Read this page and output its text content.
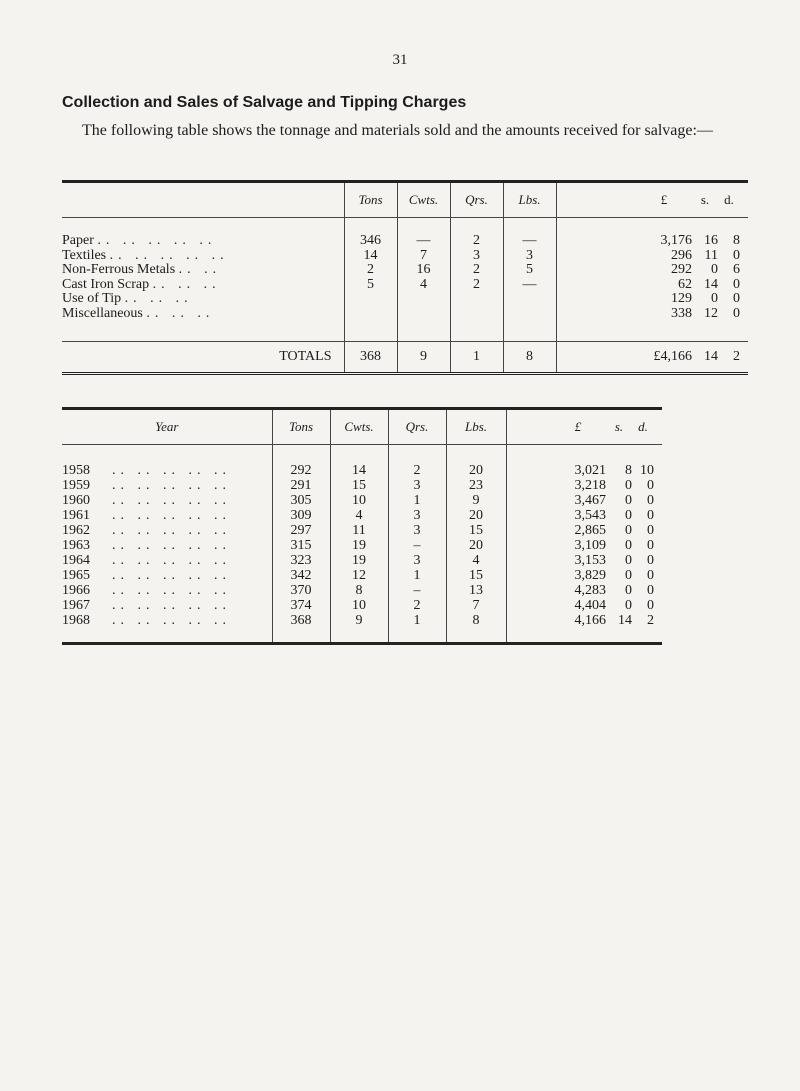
31
Collection and Sales of Salvage and Tipping Charges
The following table shows the tonnage and materials sold and the amounts received for salvage:—
	Tons	Cwts.	Qrs.	Lbs.	£ s. d.

Paper .. .. .. .. ..	346	—	2	—	3,176 16 8

Textiles .. .. .. .. ..	14	7	3	3	296 11 0

Non-Ferrous Metals .. ..	2	16	2	5	292 0 6

Cast Iron Scrap .. .. ..	5	4	2	—	62 14 0

Use of Tip .. .. ..					129 0 0

Miscellaneous .. .. ..					338 12 0

TOTALS	368	9	1	8	£4,166 14 2
Year	Tons	Cwts.	Qrs.	Lbs.	£ s. d.

1958 .. .. .. .. ..	292	14	2	20	3,021 8 10

1959 .. .. .. .. ..	291	15	3	23	3,218 0 0

1960 .. .. .. .. ..	305	10	1	9	3,467 0 0

1961 .. .. .. .. ..	309	4	3	20	3,543 0 0

1962 .. .. .. .. ..	297	11	3	15	2,865 0 0

1963 .. .. .. .. ..	315	19	–	20	3,109 0 0

1964 .. .. .. .. ..	323	19	3	4	3,153 0 0

1965 .. .. .. .. ..	342	12	1	15	3,829 0 0

1966 .. .. .. .. ..	370	8	–	13	4,283 0 0

1967 .. .. .. .. ..	374	10	2	7	4,404 0 0

1968 .. .. .. .. ..	368	9	1	8	4,166 14 2
